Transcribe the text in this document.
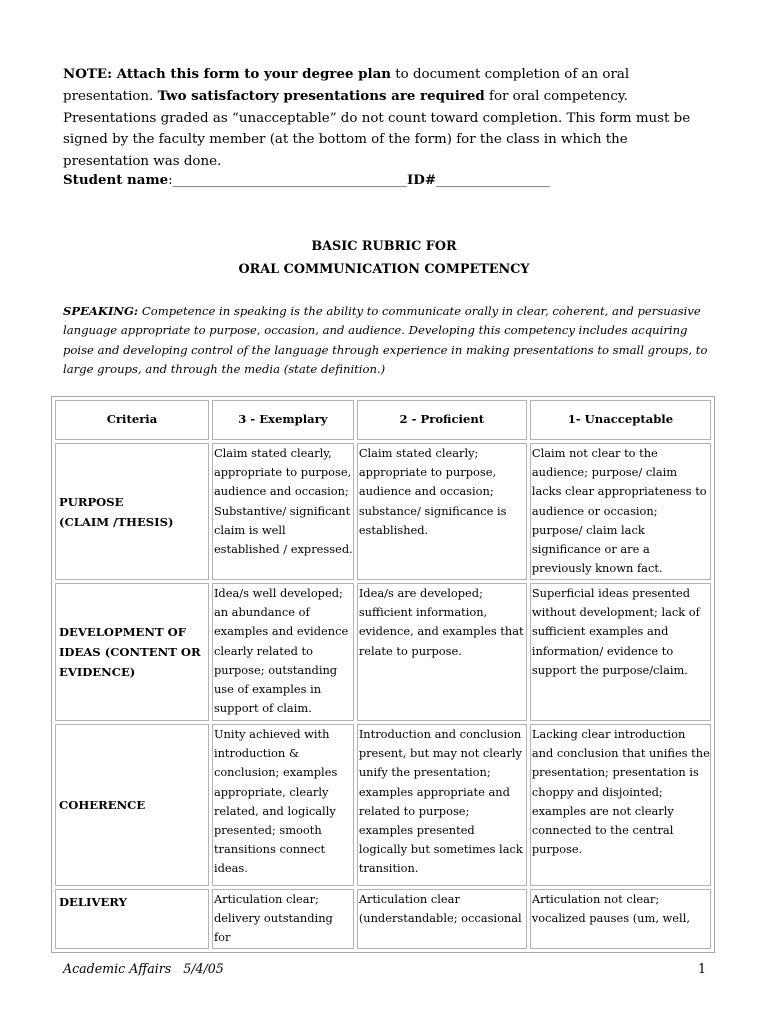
NOTE: Attach this form to your degree plan to document completion of an oral presentation. Two satisfactory presentations are required for oral competency. Presentations graded as “unacceptable” do not count toward completion. This form must be signed by the faculty member (at the bottom of the form) for the class in which the presentation was done.
Student name:___________________________________ID#_________________
BASIC RUBRIC FOR
ORAL COMMUNICATION COMPETENCY
SPEAKING: Competence in speaking is the ability to communicate orally in clear, coherent, and persuasive language appropriate to purpose, occasion, and audience. Developing this competency includes acquiring poise and developing control of the language through experience in making presentations to small groups, to large groups, and through the media (state definition.)
Criteria	3 - Exemplary	2 - Proficient	1- Unacceptable

PURPOSE
(CLAIM /THESIS)	Claim stated clearly, appropriate to purpose, audience and occasion; Substantive/ significant claim is well established / expressed.	Claim stated clearly; appropriate to purpose, audience and occasion; substance/ significance is established.	Claim not clear to the audience; purpose/ claim lacks clear appropriateness to audience or occasion; purpose/ claim lack significance or are a previously known fact.

DEVELOPMENT OF
IDEAS (CONTENT OR
EVIDENCE)	Idea/s well developed; an abundance of examples and evidence clearly related to purpose; outstanding use of examples in support of claim.	Idea/s are developed; sufficient information, evidence, and examples that relate to purpose.	Superficial ideas presented without development; lack of sufficient examples and information/ evidence to support the purpose/claim.

COHERENCE	Unity achieved with introduction & conclusion; examples appropriate, clearly related, and logically presented; smooth transitions connect ideas.	Introduction and conclusion present, but may not clearly unify the presentation; examples appropriate and related to purpose; examples presented logically but sometimes lack transition.	Lacking clear introduction and conclusion that unifies the presentation; presentation is choppy and disjointed; examples are not clearly connected to the central purpose.

DELIVERY	Articulation clear; delivery outstanding for	Articulation clear (understandable; occasional	Articulation not clear; vocalized pauses (um, well,
Academic Affairs   5/4/05	1
